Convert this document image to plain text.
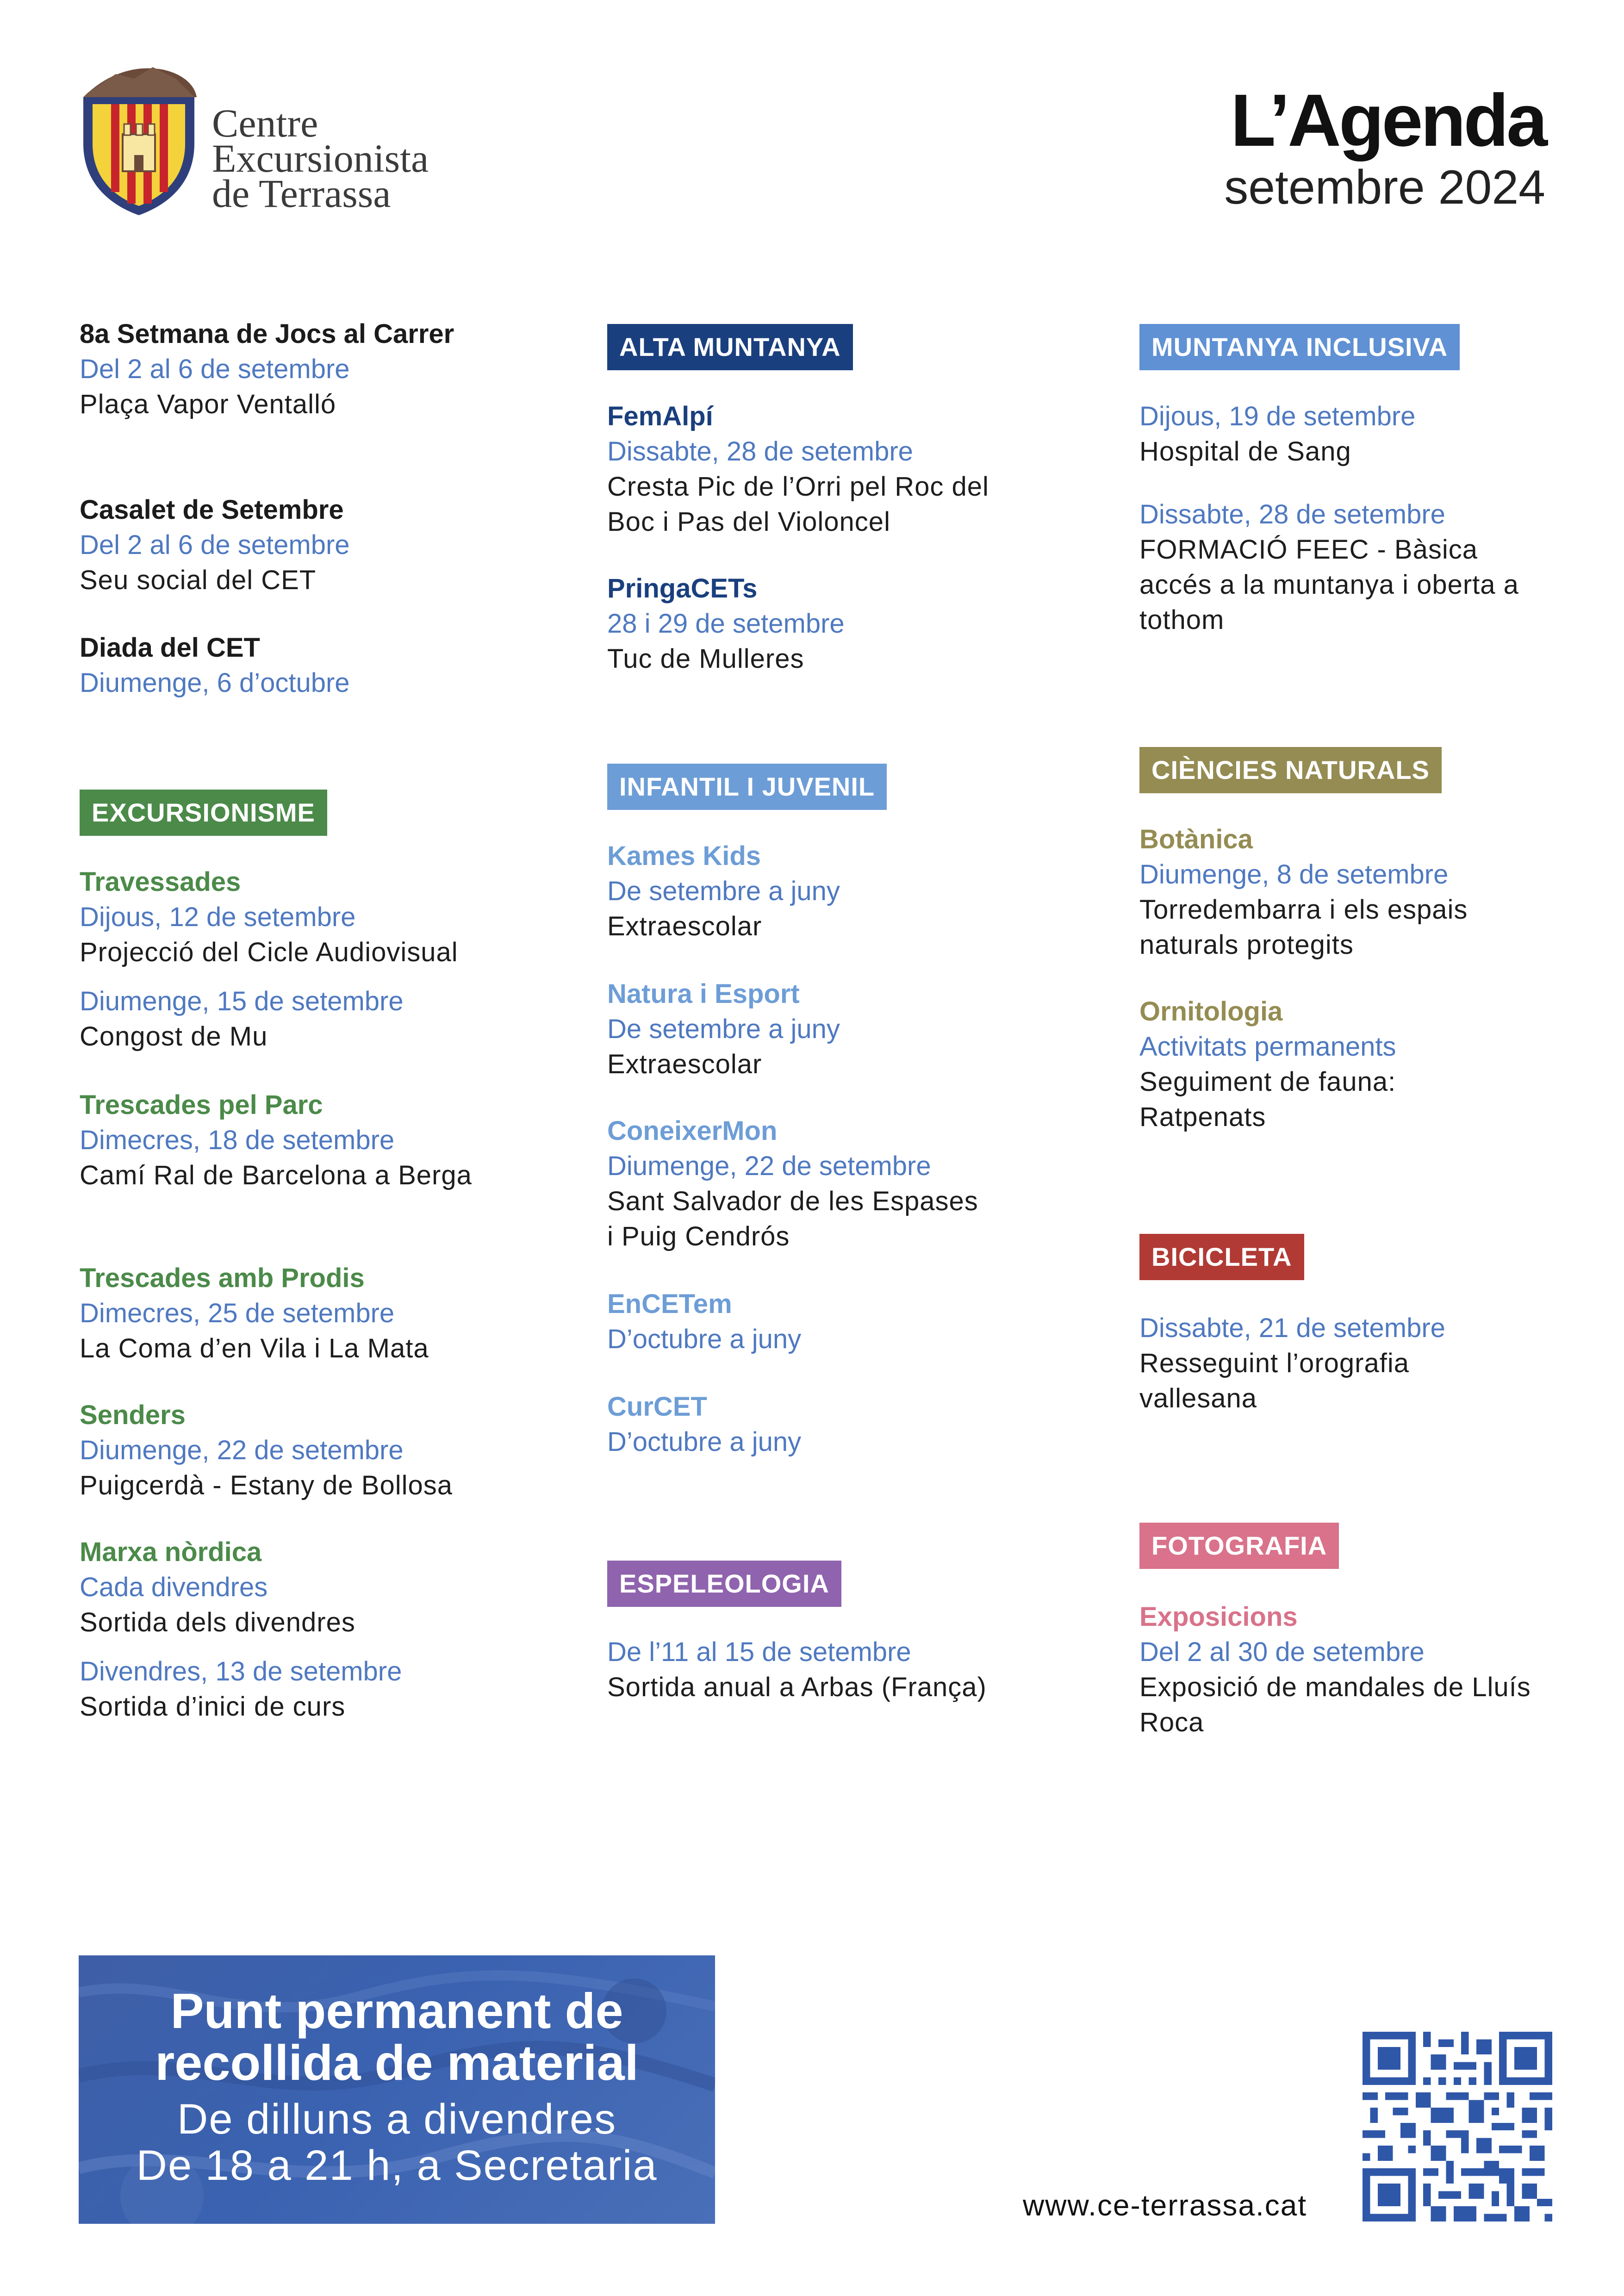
Centre
Excursionista
de Terrassa
L’Agenda
setembre 2024
8a Setmana de Jocs al Carrer
Del 2 al 6 de setembre
Plaça Vapor Ventalló
Casalet de Setembre
Del 2 al 6 de setembre
Seu social del CET
Diada del CET
Diumenge, 6 d’octubre
EXCURSIONISME
Travessades
Dijous, 12 de setembre
Projecció del Cicle Audiovisual
Diumenge, 15 de setembre
Congost de Mu
Trescades pel Parc
Dimecres, 18 de setembre
Camí Ral de Barcelona a Berga
Trescades amb Prodis
Dimecres, 25 de setembre
La Coma d’en Vila i La Mata
Senders
Diumenge, 22 de setembre
Puigcerdà - Estany de Bollosa
Marxa nòrdica
Cada divendres
Sortida dels divendres
Divendres, 13 de setembre
Sortida d’inici de curs
ALTA MUNTANYA
FemAlpí
Dissabte, 28 de setembre
Cresta Pic de l’Orri pel Roc del Boc i Pas del Violoncel
PringaCETs
28 i 29 de setembre
Tuc de Mulleres
INFANTIL I JUVENIL
Kames Kids
De setembre a juny
Extraescolar
Natura i Esport
De setembre a juny
Extraescolar
ConeixerMon
Diumenge, 22 de setembre
Sant Salvador de les Espases i Puig Cendrós
EnCETem
D’octubre a juny
CurCET
D’octubre a juny
ESPELEOLOGIA
De l’11 al 15 de setembre
Sortida anual a Arbas (França)
MUNTANYA INCLUSIVA
Dijous, 19 de setembre
Hospital de Sang
Dissabte, 28 de setembre
FORMACIÓ FEEC - Bàsica accés a la muntanya i oberta a tothom
CIÈNCIES NATURALS
Botànica
Diumenge, 8 de setembre
Torredembarra i els espais naturals protegits
Ornitologia
Activitats permanents
Seguiment de fauna: Ratpenats
BICICLETA
Dissabte, 21 de setembre
Resseguint l’orografia vallesana
FOTOGRAFIA
Exposicions
Del 2 al 30 de setembre
Exposició de mandales de Lluís Roca
Punt permanent de
recollida de material
De dilluns a divendres
De 18 a 21 h, a Secretaria
www.ce-terrassa.cat
